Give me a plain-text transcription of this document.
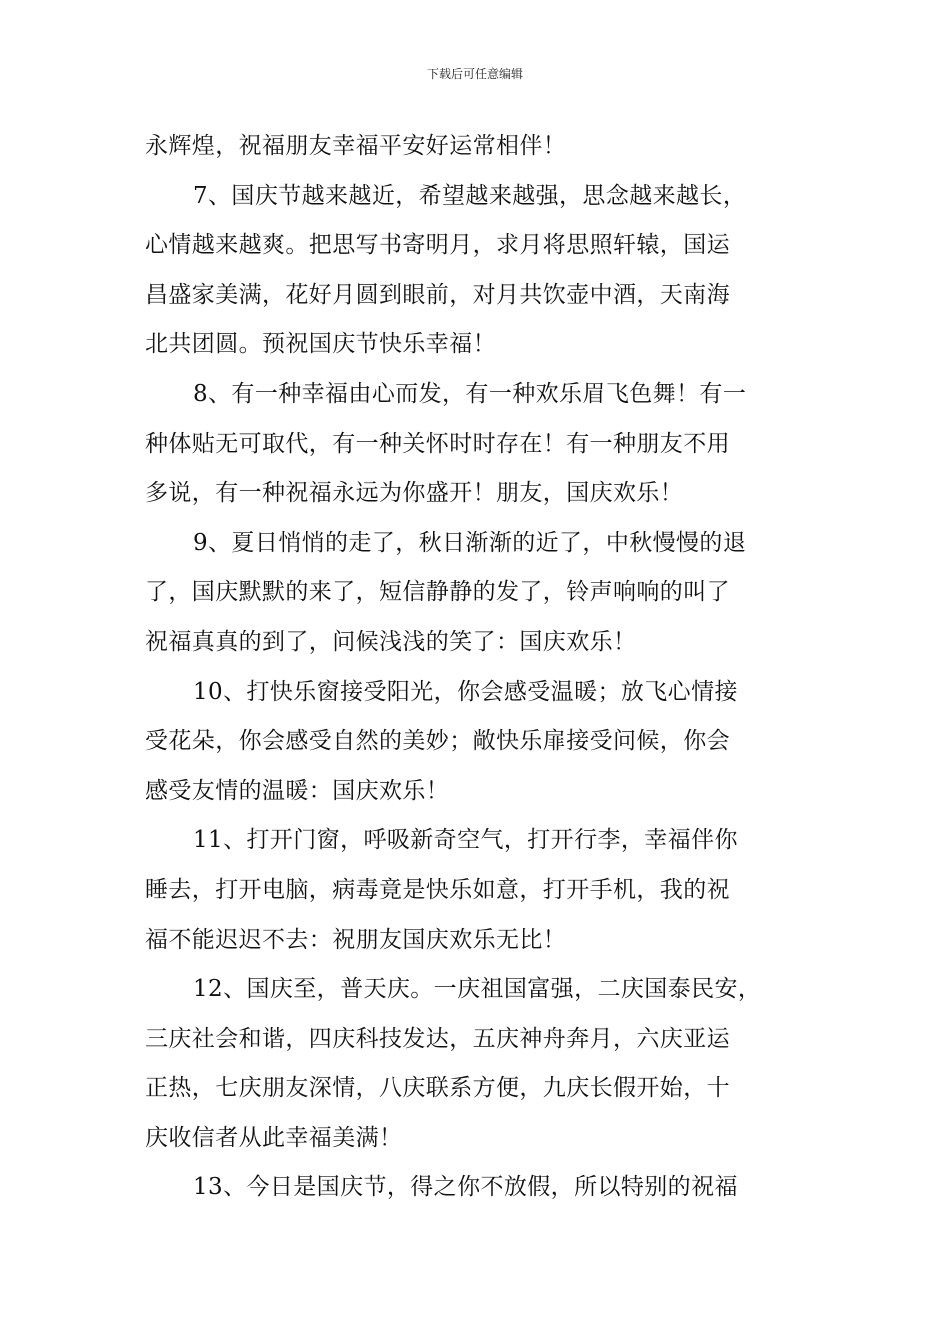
下载后可任意编辑
永辉煌，祝福朋友幸福平安好运常相伴！
7、国庆节越来越近，希望越来越强，思念越来越长，
心情越来越爽。把思写书寄明月，求月将思照轩辕，国运
昌盛家美满，花好月圆到眼前，对月共饮壶中酒，天南海
北共团圆。预祝国庆节快乐幸福！
8、有一种幸福由心而发，有一种欢乐眉飞色舞！有一
种体贴无可取代，有一种关怀时时存在！有一种朋友不用
多说，有一种祝福永远为你盛开！朋友，国庆欢乐！
9、夏日悄悄的走了，秋日渐渐的近了，中秋慢慢的退
了，国庆默默的来了，短信静静的发了，铃声响响的叫了
祝福真真的到了，问候浅浅的笑了：国庆欢乐！
10、打快乐窗接受阳光，你会感受温暖；放飞心情接
受花朵，你会感受自然的美妙；敞快乐扉接受问候，你会
感受友情的温暖：国庆欢乐！
11、打开门窗，呼吸新奇空气，打开行李，幸福伴你
睡去，打开电脑，病毒竟是快乐如意，打开手机，我的祝
福不能迟迟不去：祝朋友国庆欢乐无比！
12、国庆至，普天庆。一庆祖国富强，二庆国泰民安，
三庆社会和谐，四庆科技发达，五庆神舟奔月，六庆亚运
正热，七庆朋友深情，八庆联系方便，九庆长假开始，十
庆收信者从此幸福美满！
13、今日是国庆节，得之你不放假，所以特别的祝福
